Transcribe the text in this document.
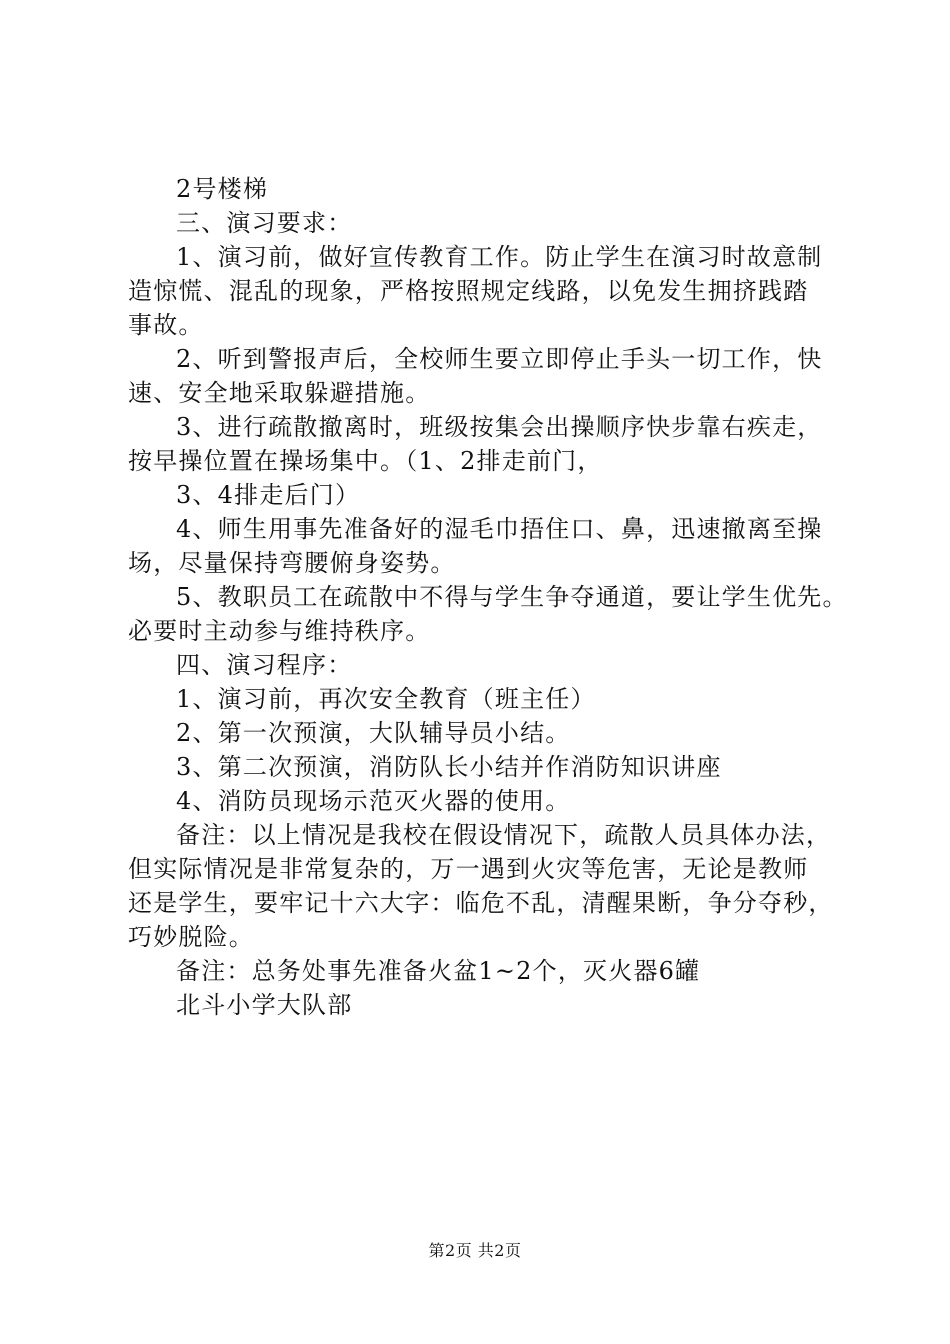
2号楼梯
三、演习要求：
1、演习前，做好宣传教育工作。防止学生在演习时故意制
造惊慌、混乱的现象，严格按照规定线路，以免发生拥挤践踏
事故。
2、听到警报声后，全校师生要立即停止手头一切工作，快
速、安全地采取躲避措施。
3、进行疏散撤离时，班级按集会出操顺序快步靠右疾走，
按早操位置在操场集中。（1、2排走前门，
3、4排走后门）
4、师生用事先准备好的湿毛巾捂住口、鼻，迅速撤离至操
场，尽量保持弯腰俯身姿势。
5、教职员工在疏散中不得与学生争夺通道，要让学生优先。
必要时主动参与维持秩序。
四、演习程序：
1、演习前，再次安全教育（班主任）
2、第一次预演，大队辅导员小结。
3、第二次预演，消防队长小结并作消防知识讲座
4、消防员现场示范灭火器的使用。
备注：以上情况是我校在假设情况下，疏散人员具体办法，
但实际情况是非常复杂的，万一遇到火灾等危害，无论是教师
还是学生，要牢记十六大字：临危不乱，清醒果断，争分夺秒，
巧妙脱险。
备注：总务处事先准备火盆1~2个，灭火器6罐
北斗小学大队部
第2页 共2页
